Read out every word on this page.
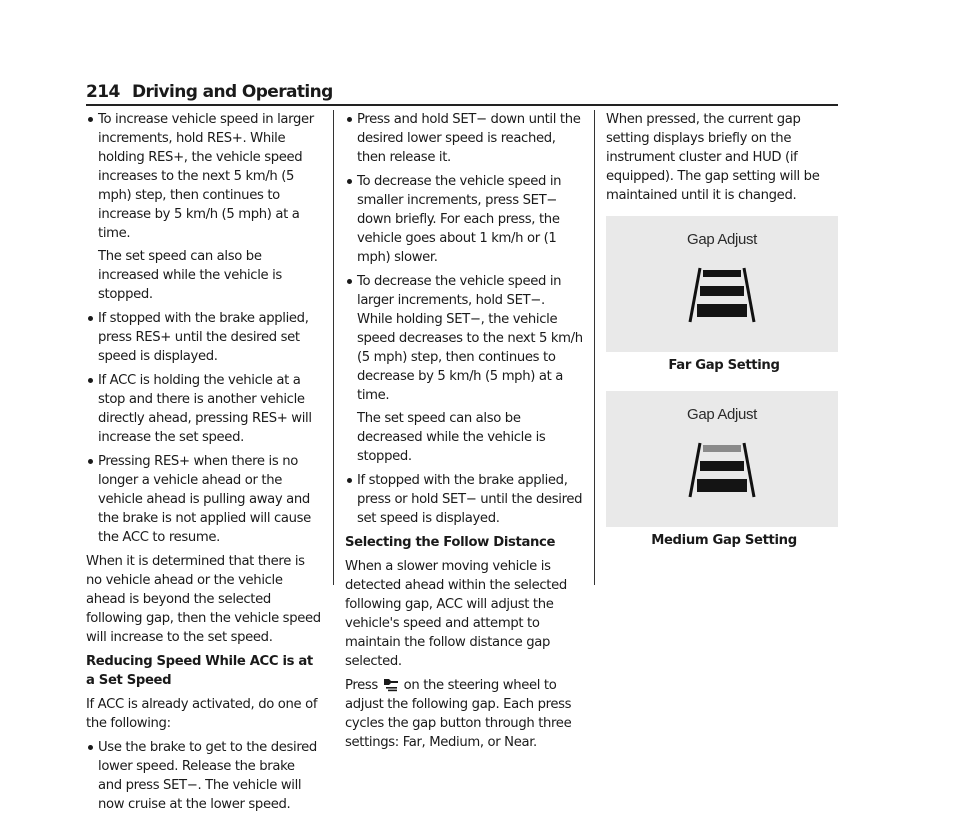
214 Driving and Operating
To increase vehicle speed in larger increments, hold RES+. While holding RES+, the vehicle speed increases to the next 5 km/h (5 mph) step, then continues to increase by 5 km/h (5 mph) at a time.
The set speed can also be increased while the vehicle is stopped.
If stopped with the brake applied, press RES+ until the desired set speed is displayed.
If ACC is holding the vehicle at a stop and there is another vehicle directly ahead, pressing RES+ will increase the set speed.
Pressing RES+ when there is no longer a vehicle ahead or the vehicle ahead is pulling away and the brake is not applied will cause the ACC to resume.

When it is determined that there is no vehicle ahead or the vehicle ahead is beyond the selected following gap, then the vehicle speed will increase to the set speed.

Reducing Speed While ACC is at a Set Speed

If ACC is already activated, do one of the following:

Use the brake to get to the desired lower speed. Release the brake and press SET−. The vehicle will now cruise at the lower speed.
Press and hold SET− down until the desired lower speed is reached, then release it.
To decrease the vehicle speed in smaller increments, press SET− down briefly. For each press, the vehicle goes about 1 km/h or (1 mph) slower.
To decrease the vehicle speed in larger increments, hold SET−. While holding SET−, the vehicle speed decreases to the next 5 km/h (5 mph) step, then continues to decrease by 5 km/h (5 mph) at a time.
The set speed can also be decreased while the vehicle is stopped.
If stopped with the brake applied, press or hold SET− until the desired set speed is displayed.

Selecting the Follow Distance

When a slower moving vehicle is detected ahead within the selected following gap, ACC will adjust the vehicle's speed and attempt to maintain the follow distance gap selected.

Press on the steering wheel to adjust the following gap. Each press cycles the gap button through three settings: Far, Medium, or Near.

When pressed, the current gap setting displays briefly on the instrument cluster and HUD (if equipped). The gap setting will be maintained until it is changed.

Gap Adjust

Far Gap Setting

Gap Adjust

Medium Gap Setting
